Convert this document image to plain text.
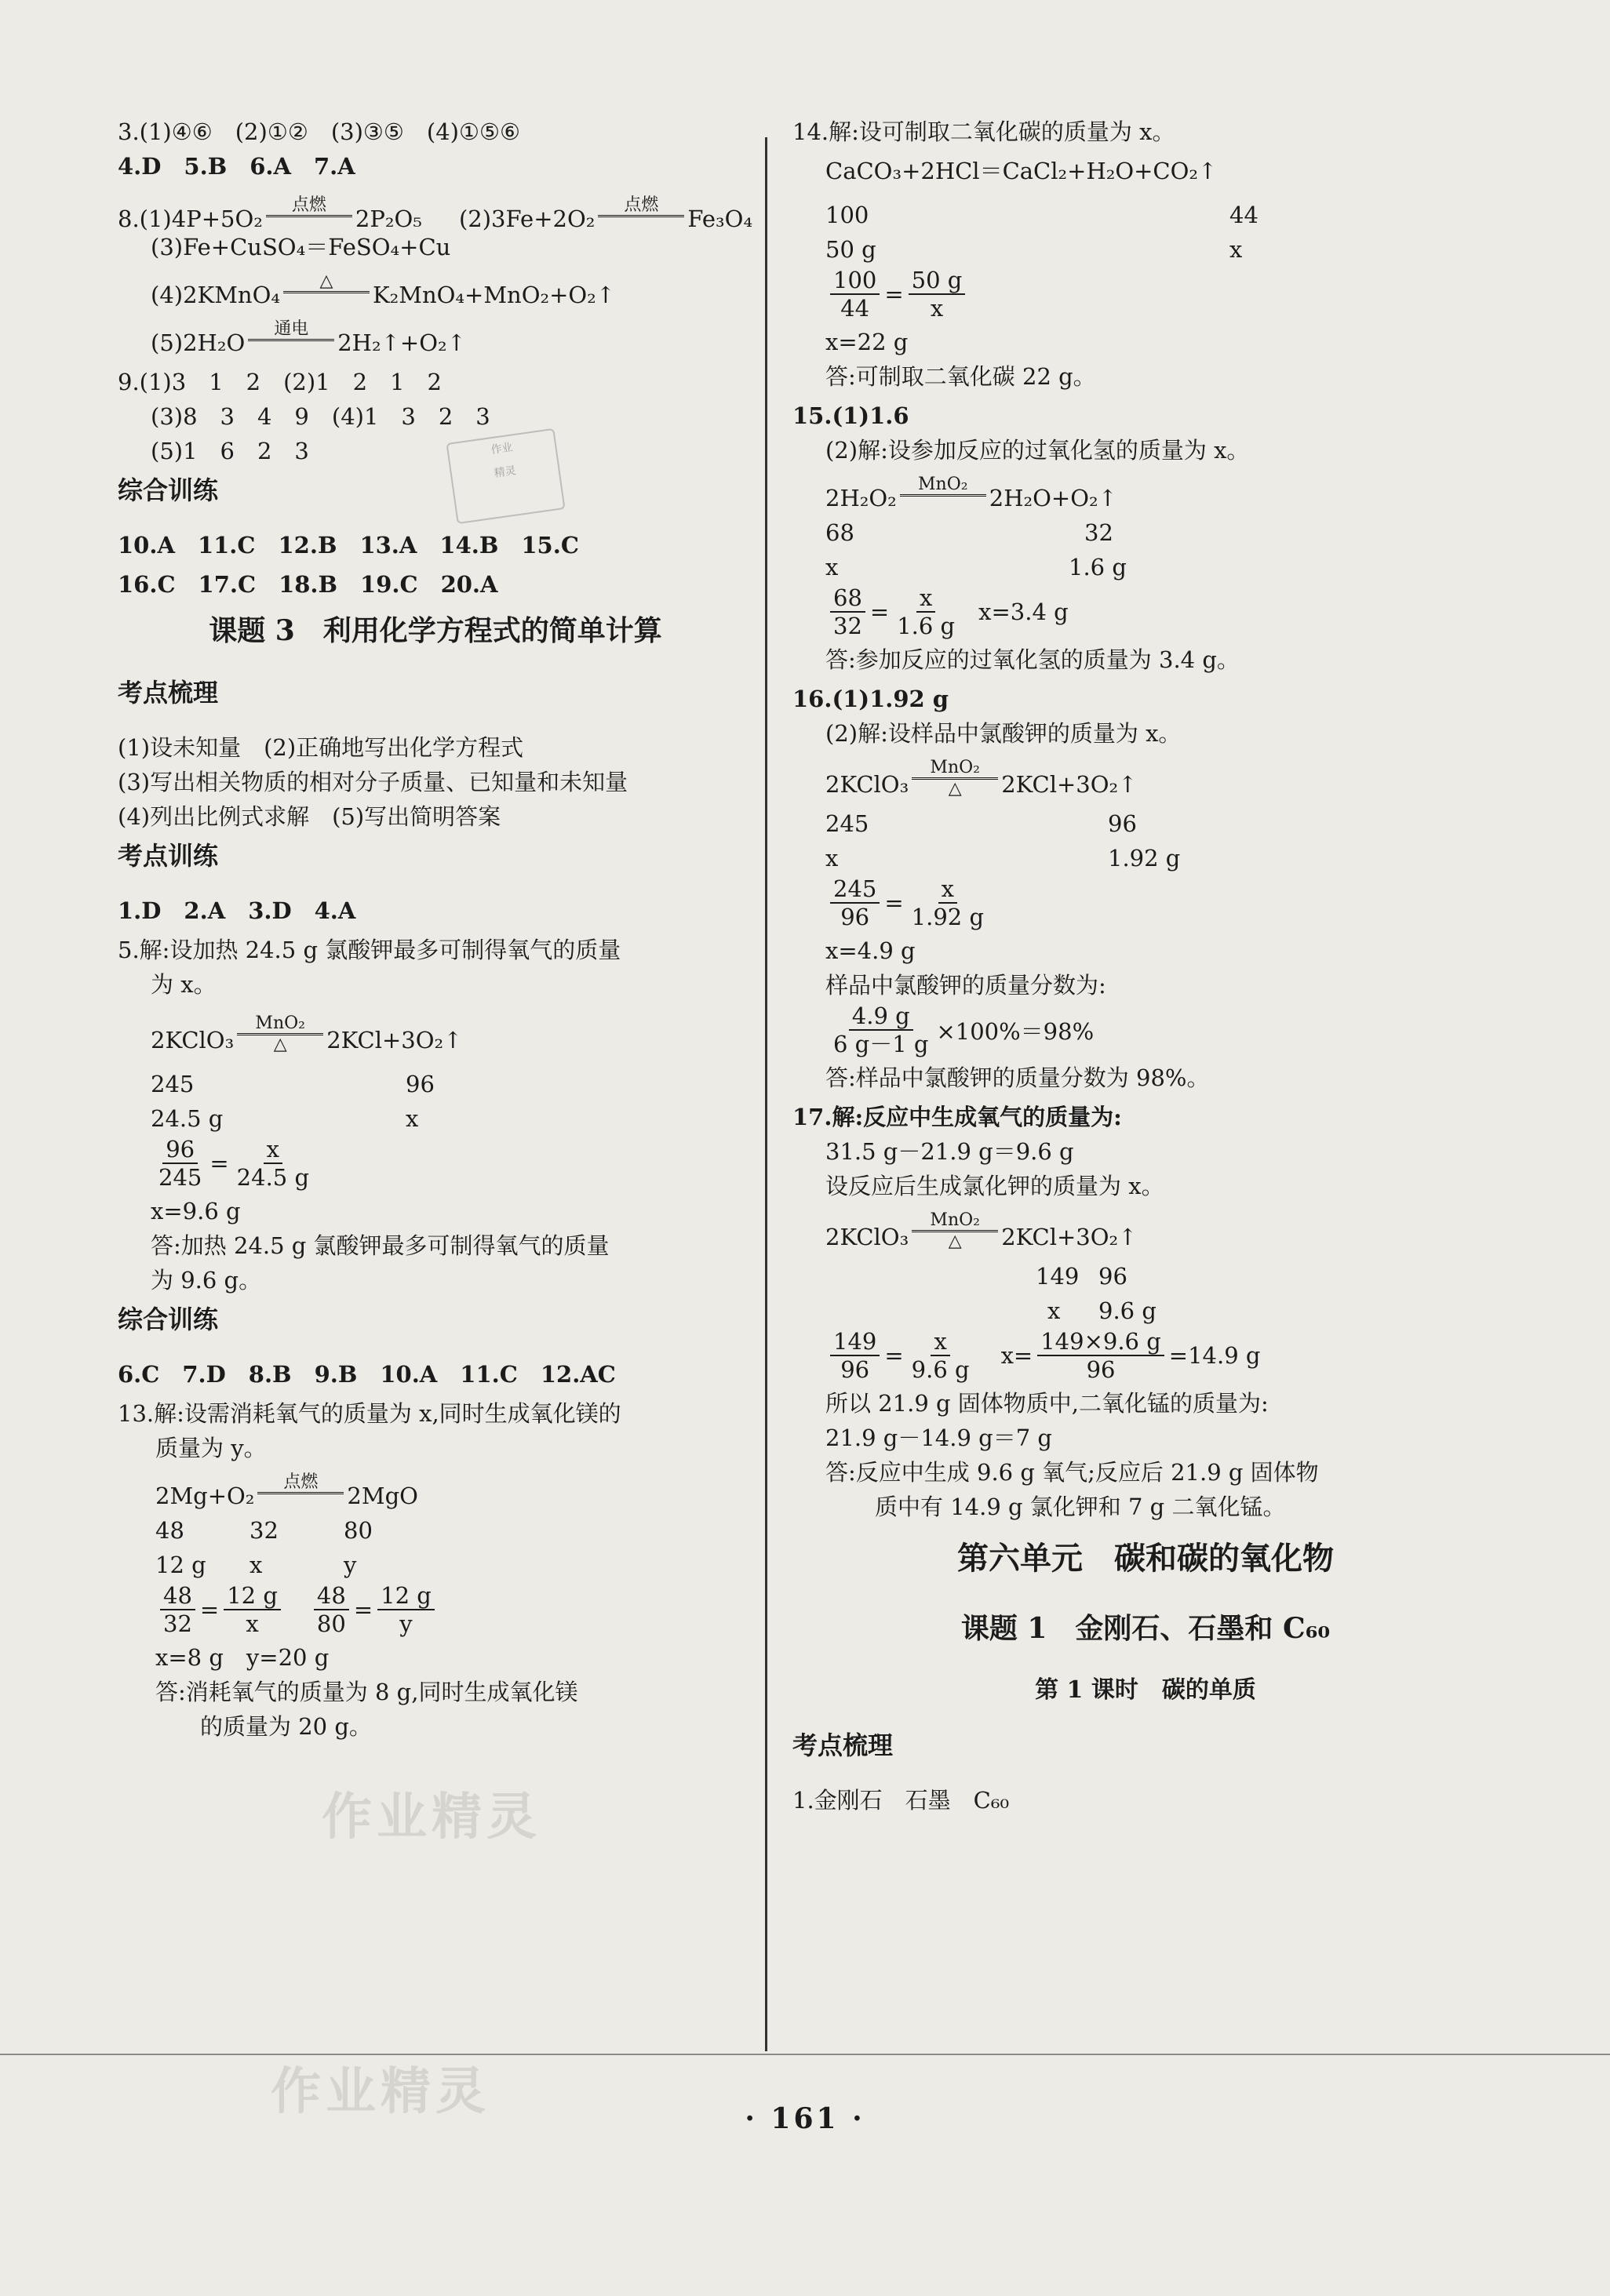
3.(1)④⑥　(2)①②　(3)③⑤　(4)①⑤⑥

4.D　5.B　6.A　7.A

8.(1)4P+5O₂
点燃
2P₂O₅
(2)3Fe+2O₂
点燃
Fe₃O₄

(3)Fe+CuSO₄＝FeSO₄+Cu

(4)2KMnO₄
△
K₂MnO₄+MnO₂+O₂↑

(5)2H₂O
通电
2H₂↑+O₂↑

9.(1)3　1　2　(2)1　2　1　2

(3)8　3　4　9　(4)1　3　2　3

(5)1　6　2　3

综合训练

10.A　11.C　12.B　13.A　14.B　15.C

16.C　17.C　18.B　19.C　20.A

课题 3　利用化学方程式的简单计算

考点梳理

(1)设未知量　(2)正确地写出化学方程式

(3)写出相关物质的相对分子质量、已知量和未知量

(4)列出比例式求解　(5)写出简明答案

考点训练

1.D　2.A　3.D　4.A

5.解:设加热 24.5 g 氯酸钾最多可制得氧气的质量

为 x。

2KClO₃
MnO₂
△ 2KCl+3O₂↑
245	96
24.5 g	x
$\frac{96}{245} = \frac{x}{24.5 g}$

x=9.6 g

答:加热 24.5 g 氯酸钾最多可制得氧气的质量

为 9.6 g。

综合训练

6.C　7.D　8.B　9.B　10.A　11.C　12.AC

13.解:设需消耗氧气的质量为 x,同时生成氧化镁的

质量为 y。

2Mg+O₂
点燃
2MgO
48	32	80
12 g	x	y
$\frac{48}{32} = \frac{12 g}{x} \frac{48}{80} = \frac{12 g}{y}$

x=8 g　y=20 g

答:消耗氧气的质量为 8 g,同时生成氧化镁

的质量为 20 g。

14.解:设可制取二氧化碳的质量为 x。

CaCO₃+2HCl＝CaCl₂+H₂O+CO₂↑

100	44
50 g	x
$\frac{100}{44} = \frac{50 g}{x}$

x=22 g

答:可制取二氧化碳 22 g。

15.(1)1.6

(2)解:设参加反应的过氧化氢的质量为 x。

2H₂O₂
MnO₂
2H₂O+O₂↑
68	32
x	1.6 g
$\frac{68}{32} = \frac{x}{1.6 g} x=3.4$ g

答:参加反应的过氧化氢的质量为 3.4 g。

16.(1)1.92 g

(2)解:设样品中氯酸钾的质量为 x。

2KClO₃
MnO₂
△ 2KCl+3O₂↑
245	96
x	1.92 g
$\frac{245}{96} = \frac{x}{1.92 g}$

x=4.9 g

样品中氯酸钾的质量分数为:

$\frac{4.9 g}{6 g-1 g} \times 100\%=98\%$

答:样品中氯酸钾的质量分数为 98%。

17.解:反应中生成氧气的质量为:

31.5 g－21.9 g＝9.6 g

设反应后生成氯化钾的质量为 x。

2KClO₃
MnO₂
△ 2KCl+3O₂↑
149 96
x	9.6 g
$\frac{149}{96} = \frac{x}{9.6 g} x= \frac{149\times 9.6 g}{96} =14.9$ g

所以 21.9 g 固体物质中,二氧化锰的质量为:

21.9 g－14.9 g＝7 g

答:反应中生成 9.6 g 氧气;反应后 21.9 g 固体物

质中有 14.9 g 氯化钾和 7 g 二氧化锰。

第六单元　碳和碳的氧化物

课题 1　金刚石、石墨和 C₆₀

第 1 课时　碳的单质

考点梳理

1.金刚石　石墨　C₆₀

作业
精灵
作业精灵
作业精灵	· 161 ·
